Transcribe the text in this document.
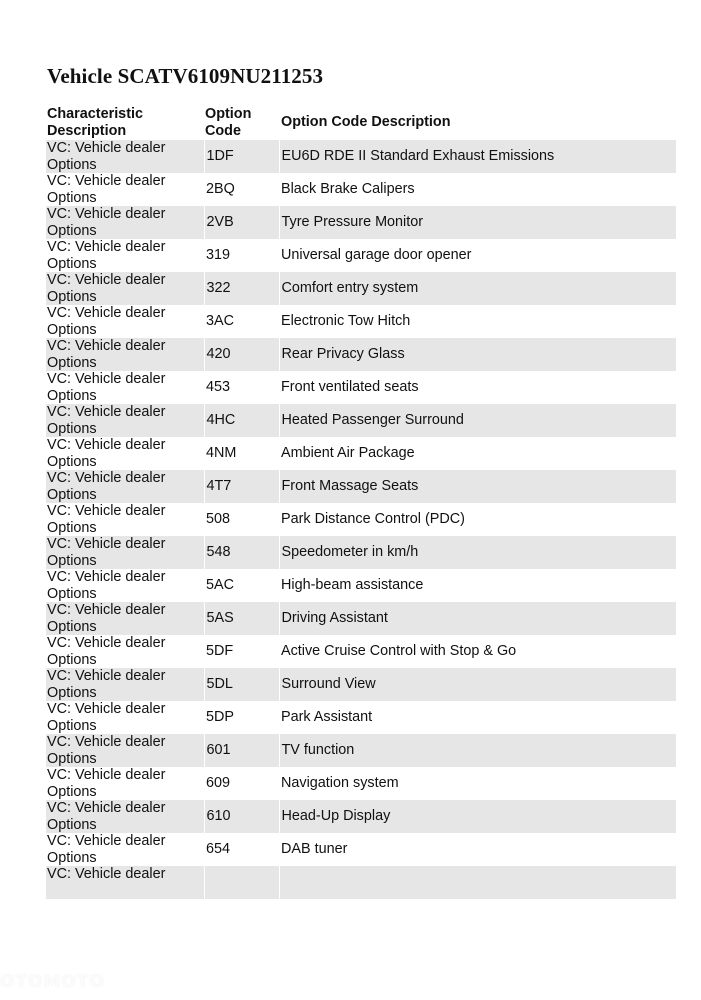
Vehicle SCATV6109NU211253
Characteristic Description	Option Code	Option Code Description
VC: Vehicle dealer Options	1DF	EU6D RDE II Standard Exhaust Emissions
VC: Vehicle dealer Options	2BQ	Black Brake Calipers
VC: Vehicle dealer Options	2VB	Tyre Pressure Monitor
VC: Vehicle dealer Options	319	Universal garage door opener
VC: Vehicle dealer Options	322	Comfort entry system
VC: Vehicle dealer Options	3AC	Electronic Tow Hitch
VC: Vehicle dealer Options	420	Rear Privacy Glass
VC: Vehicle dealer Options	453	Front ventilated seats
VC: Vehicle dealer Options	4HC	Heated Passenger Surround
VC: Vehicle dealer Options	4NM	Ambient Air Package
VC: Vehicle dealer Options	4T7	Front Massage Seats
VC: Vehicle dealer Options	508	Park Distance Control (PDC)
VC: Vehicle dealer Options	548	Speedometer in km/h
VC: Vehicle dealer Options	5AC	High-beam assistance
VC: Vehicle dealer Options	5AS	Driving Assistant
VC: Vehicle dealer Options	5DF	Active Cruise Control with Stop & Go
VC: Vehicle dealer Options	5DL	Surround View
VC: Vehicle dealer Options	5DP	Park Assistant
VC: Vehicle dealer Options	601	TV function
VC: Vehicle dealer Options	609	Navigation system
VC: Vehicle dealer Options	610	Head-Up Display
VC: Vehicle dealer Options	654	DAB tuner
VC: Vehicle dealer		
OTOMOTO
